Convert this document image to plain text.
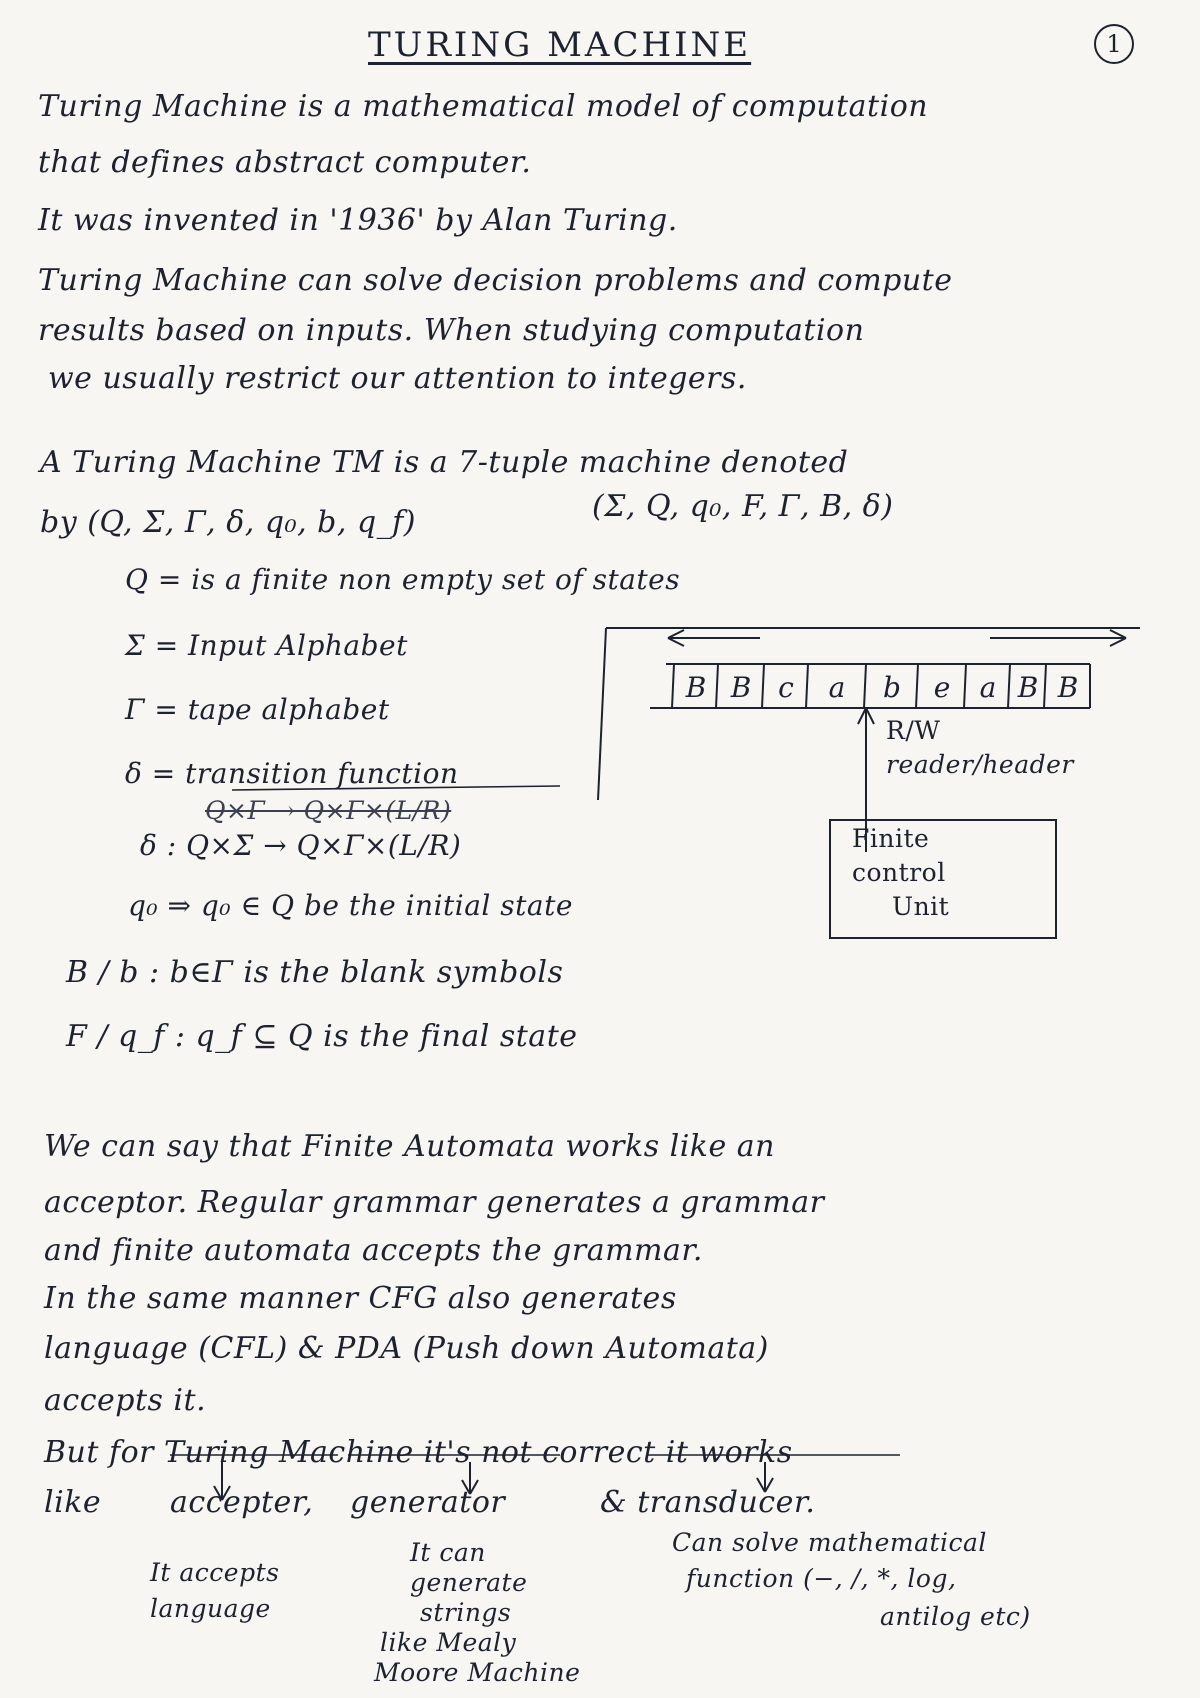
TURING MACHINE	1
Turing Machine is a mathematical model of computation
that defines abstract computer.
It was invented in '1936' by Alan Turing.
Turing Machine can solve decision problems and compute
results based on inputs. When studying computation
we usually restrict our attention to integers.
A Turing Machine TM is a 7-tuple machine denoted
by (Q, Σ, Γ, δ, q₀, b, q_f)	(Σ, Q, q₀, F, Γ, B, δ)
Q = is a finite non empty set of states
Σ = Input Alphabet
Γ = tape alphabet
δ = transition function
Q×Γ → Q×Γ×(L/R)
δ : Q×Σ → Q×Γ×(L/R)
q₀ ⇒ q₀ ∈ Q be the initial state
B / b : b∈Γ is the blank symbols
F / q_f : q_f ⊆ Q is the final state
B B c a b e a B B
R/W
reader/header
Finite
control
Unit
We can say that Finite Automata works like an
acceptor. Regular grammar generates a grammar
and finite automata accepts the grammar.
In the same manner CFG also generates
language (CFL) & PDA (Push down Automata)
accepts it.
But for Turing Machine it's not correct it works
like accepter, generator	& transducer.
It accepts
language
It can
generate
strings
like Mealy
Moore Machine
Can solve mathematical
function (−, /, *, log,
antilog etc)
